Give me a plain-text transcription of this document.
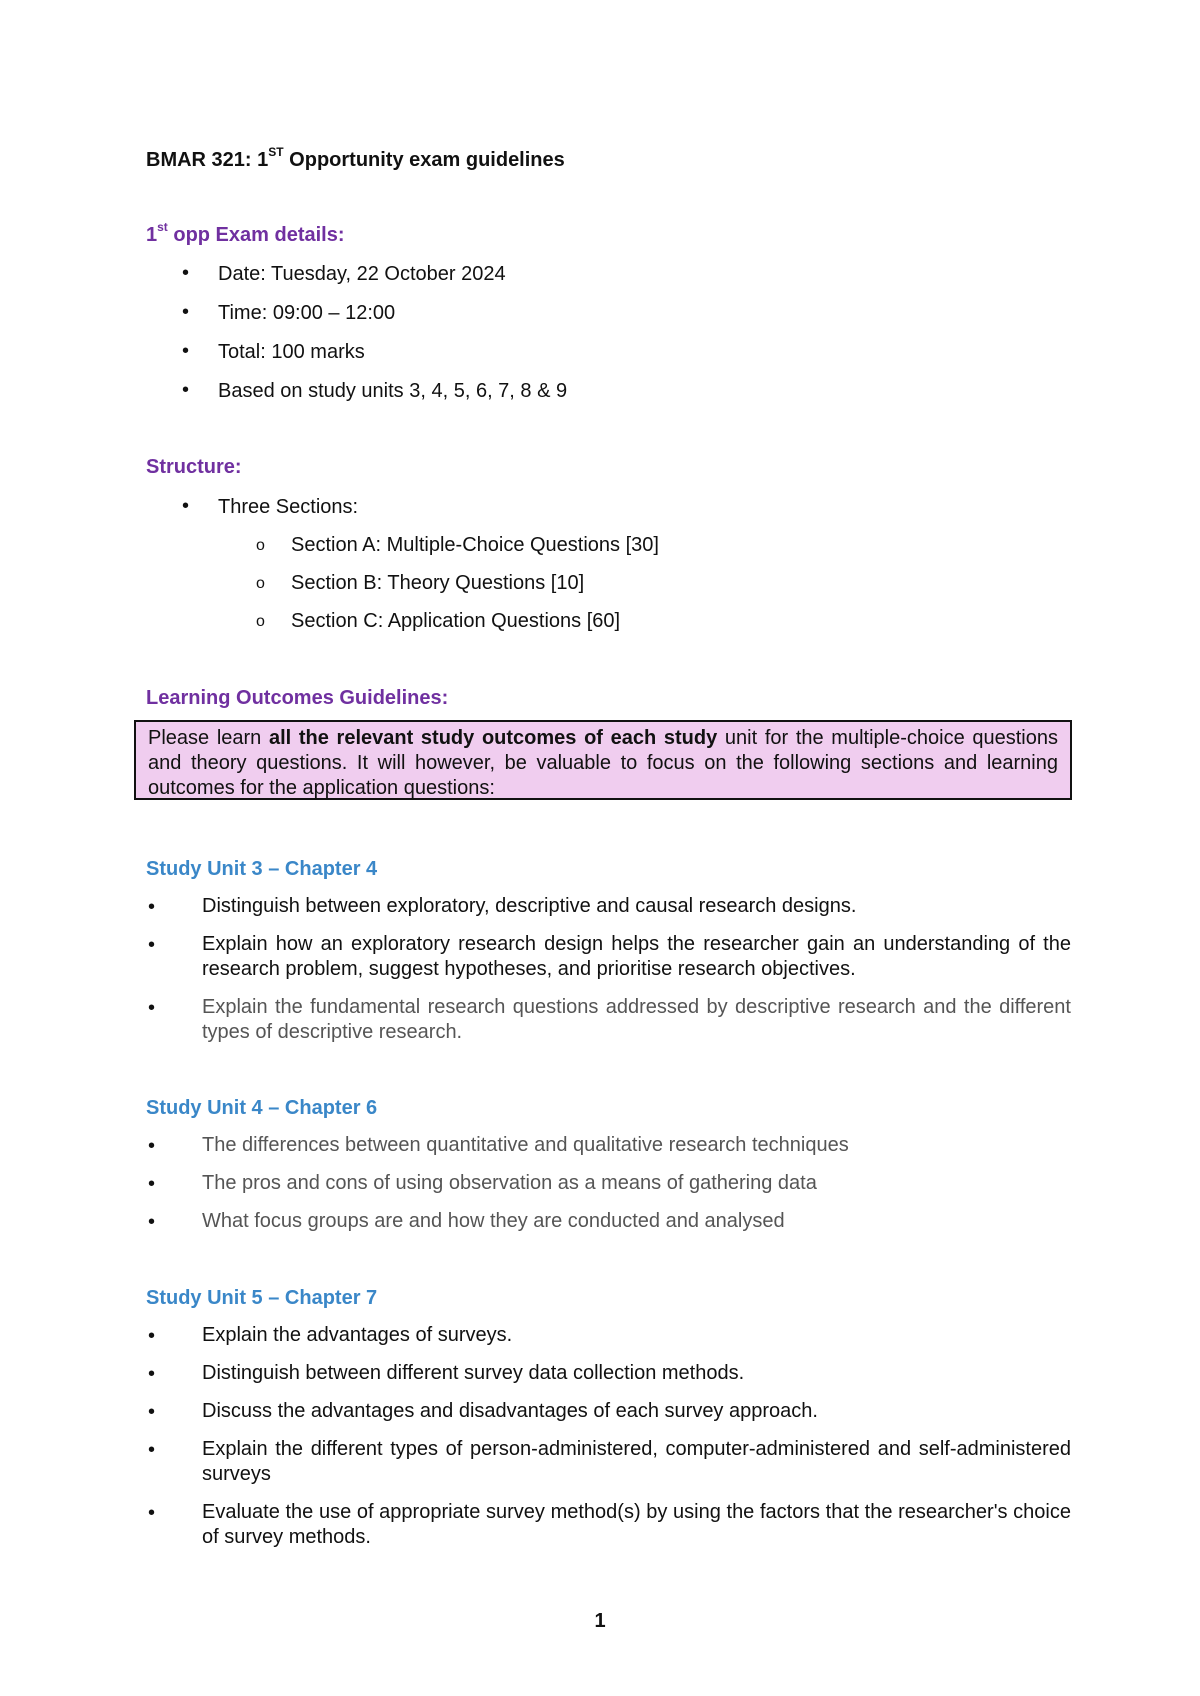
BMAR 321: 1ST Opportunity exam guidelines
1st opp Exam details:
• Date: Tuesday, 22 October 2024
• Time: 09:00 – 12:00
• Total: 100 marks
• Based on study units 3, 4, 5, 6, 7, 8 & 9
Structure:
• Three Sections:
o Section A: Multiple-Choice Questions [30]
o Section B: Theory Questions [10]
o Section C: Application Questions [60]
Learning Outcomes Guidelines:
Please learn all the relevant study outcomes of each study unit for the multiple-choice questions and theory questions. It will however, be valuable to focus on the following sections and learning outcomes for the application questions:
Study Unit 3 – Chapter 4
• Distinguish between exploratory, descriptive and causal research designs.
• Explain how an exploratory research design helps the researcher gain an understanding of the research problem, suggest hypotheses, and prioritise research objectives.
• Explain the fundamental research questions addressed by descriptive research and the different types of descriptive research.
Study Unit 4 – Chapter 6
• The differences between quantitative and qualitative research techniques
• The pros and cons of using observation as a means of gathering data
• What focus groups are and how they are conducted and analysed
Study Unit 5 – Chapter 7
• Explain the advantages of surveys.
• Distinguish between different survey data collection methods.
• Discuss the advantages and disadvantages of each survey approach.
• Explain the different types of person-administered, computer-administered and self-administered surveys
• Evaluate the use of appropriate survey method(s) by using the factors that the researcher's choice of survey methods.
1
